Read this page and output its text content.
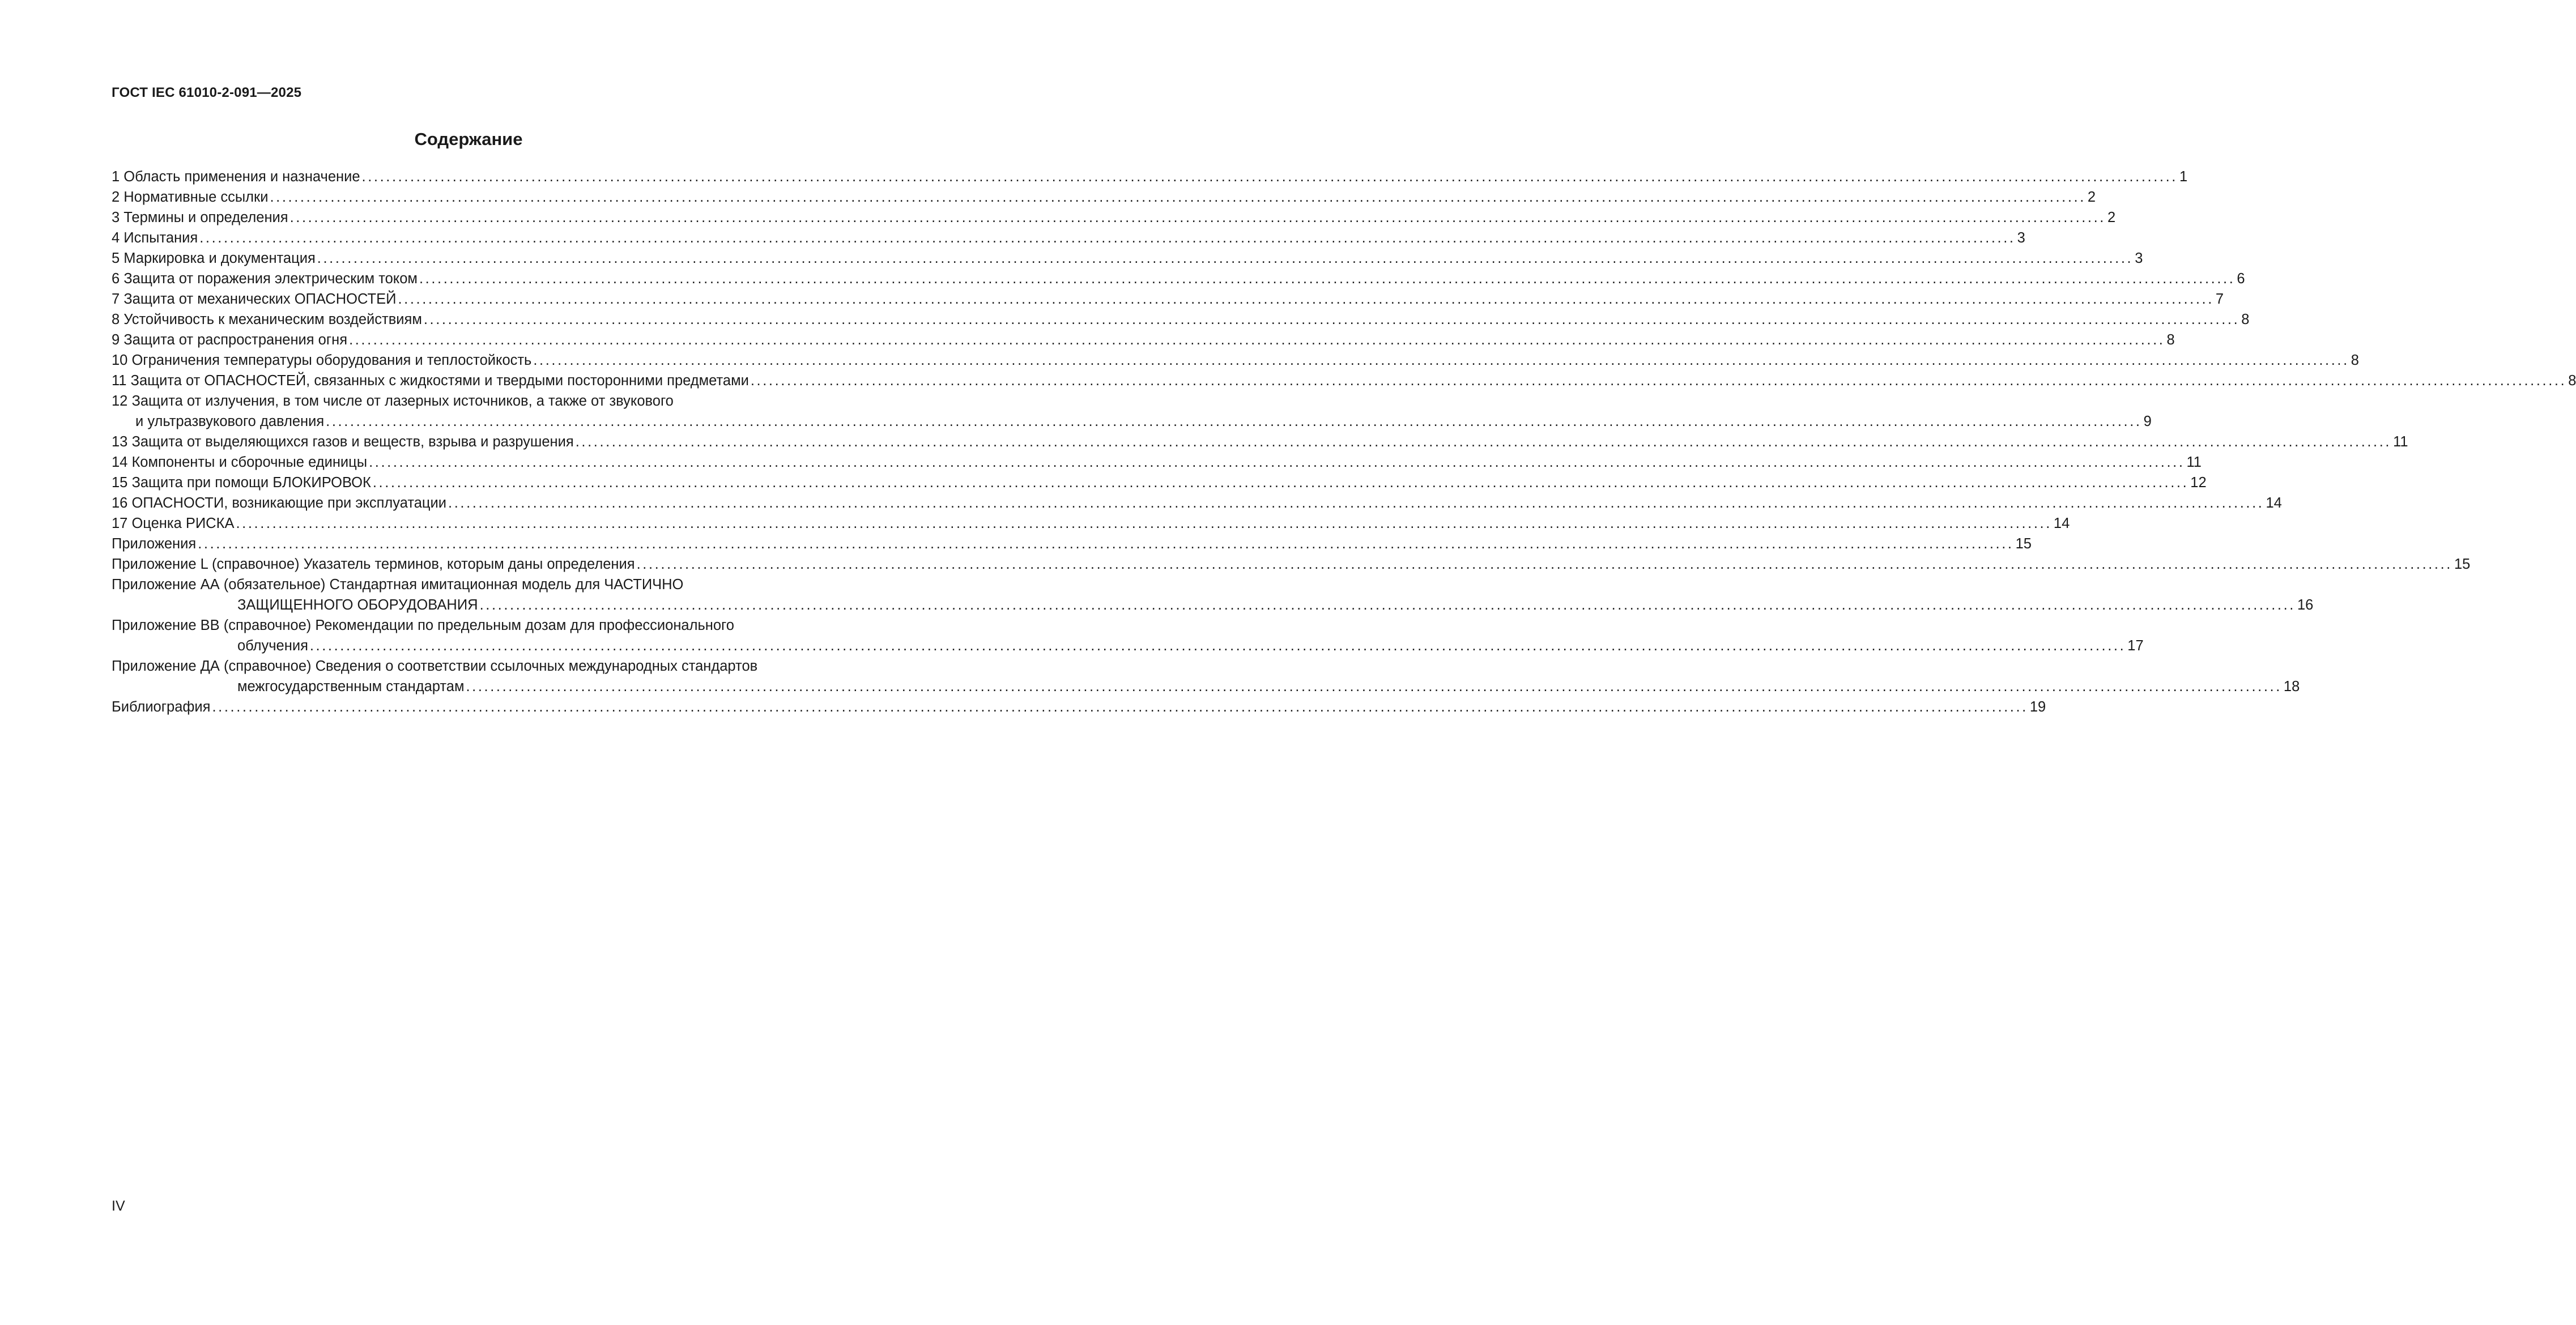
ГОСТ IEC 61010-2-091—2025
Содержание
1 Область применения и назначение ............................................................................................................................................................................................................................................................................................................ 1
2 Нормативные ссылки ............................................................................................................................................................................................................................................................................................................ 2
3 Термины и определения ............................................................................................................................................................................................................................................................................................................ 2
4 Испытания ............................................................................................................................................................................................................................................................................................................ 3
5 Маркировка и документация ............................................................................................................................................................................................................................................................................................................ 3
6 Защита от поражения электрическим током ............................................................................................................................................................................................................................................................................................................ 6
7 Защита от механических ОПАСНОСТЕЙ ............................................................................................................................................................................................................................................................................................................ 7
8 Устойчивость к механическим воздействиям ............................................................................................................................................................................................................................................................................................................ 8
9 Защита от распространения огня ............................................................................................................................................................................................................................................................................................................ 8
10 Ограничения температуры оборудования и теплостойкость ............................................................................................................................................................................................................................................................................................................ 8
11 Защита от ОПАСНОСТЕЙ, связанных с жидкостями и твердыми посторонними предметами ............................................................................................................................................................................................................................................................................................................ 8
12 Защита от излучения, в том числе от лазерных источников, а также от звукового
и ультразвукового давления ............................................................................................................................................................................................................................................................................................................ 9
13 Защита от выделяющихся газов и веществ, взрыва и разрушения ............................................................................................................................................................................................................................................................................................................ 11
14 Компоненты и сборочные единицы ............................................................................................................................................................................................................................................................................................................ 11
15 Защита при помощи БЛОКИРОВОК ............................................................................................................................................................................................................................................................................................................ 12
16 ОПАСНОСТИ, возникающие при эксплуатации ............................................................................................................................................................................................................................................................................................................ 14
17 Оценка РИСКА ............................................................................................................................................................................................................................................................................................................ 14
Приложения ............................................................................................................................................................................................................................................................................................................ 15
Приложение L (справочное) Указатель терминов, которым даны определения ............................................................................................................................................................................................................................................................................................................ 15
Приложение АА (обязательное) Стандартная имитационная модель для ЧАСТИЧНО
ЗАЩИЩЕННОГО ОБОРУДОВАНИЯ ............................................................................................................................................................................................................................................................................................................ 16
Приложение ВВ (справочное) Рекомендации по предельным дозам для профессионального
облучения ............................................................................................................................................................................................................................................................................................................ 17
Приложение ДА (справочное) Сведения о соответствии ссылочных международных стандартов
межгосударственным стандартам ............................................................................................................................................................................................................................................................................................................ 18
Библиография ............................................................................................................................................................................................................................................................................................................ 19
IV
